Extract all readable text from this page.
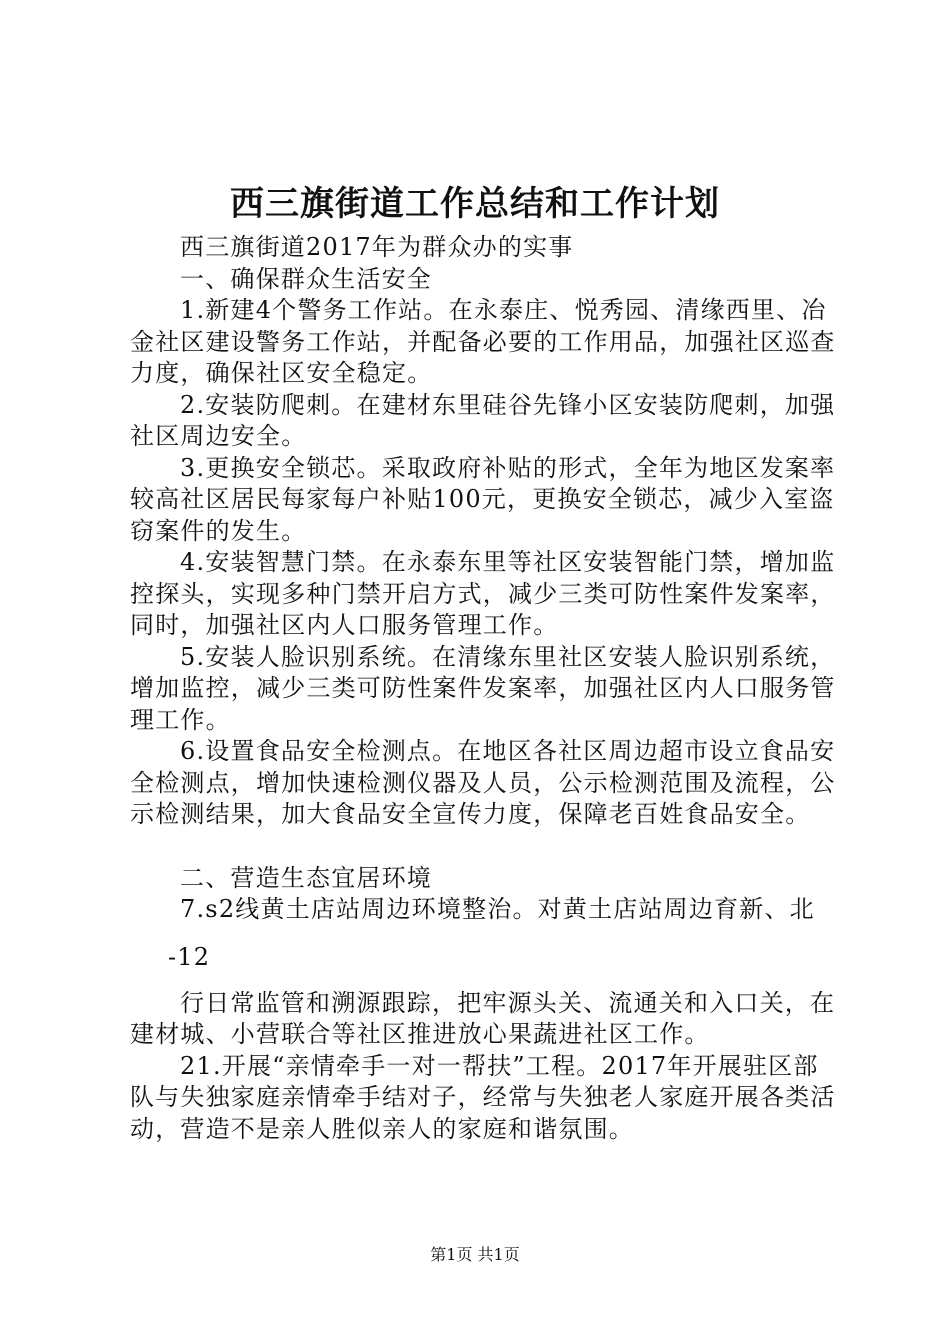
西三旗街道工作总结和工作计划

西三旗街道2017年为群众办的实事

一、确保群众生活安全

1.新建4个警务工作站。在永泰庄、悦秀园、清缘西里、冶金社区建设警务工作站，并配备必要的工作用品，加强社区巡查力度，确保社区安全稳定。

2.安装防爬刺。在建材东里硅谷先锋小区安装防爬刺，加强社区周边安全。

3.更换安全锁芯。采取政府补贴的形式，全年为地区发案率较高社区居民每家每户补贴100元，更换安全锁芯，减少入室盗窃案件的发生。

4.安装智慧门禁。在永泰东里等社区安装智能门禁，增加监控探头，实现多种门禁开启方式，减少三类可防性案件发案率，同时，加强社区内人口服务管理工作。

5.安装人脸识别系统。在清缘东里社区安装人脸识别系统，增加监控，减少三类可防性案件发案率，加强社区内人口服务管理工作。

6.设置食品安全检测点。在地区各社区周边超市设立食品安全检测点，增加快速检测仪器及人员，公示检测范围及流程，公示检测结果，加大食品安全宣传力度，保障老百姓食品安全。

二、营造生态宜居环境

7.s2线黄土店站周边环境整治。对黄土店站周边育新、北

-12

行日常监管和溯源跟踪，把牢源头关、流通关和入口关，在建材城、小营联合等社区推进放心果蔬进社区工作。

21.开展“亲情牵手一对一帮扶”工程。2017年开展驻区部队与失独家庭亲情牵手结对子，经常与失独老人家庭开展各类活动，营造不是亲人胜似亲人的家庭和谐氛围。

第1页 共1页
